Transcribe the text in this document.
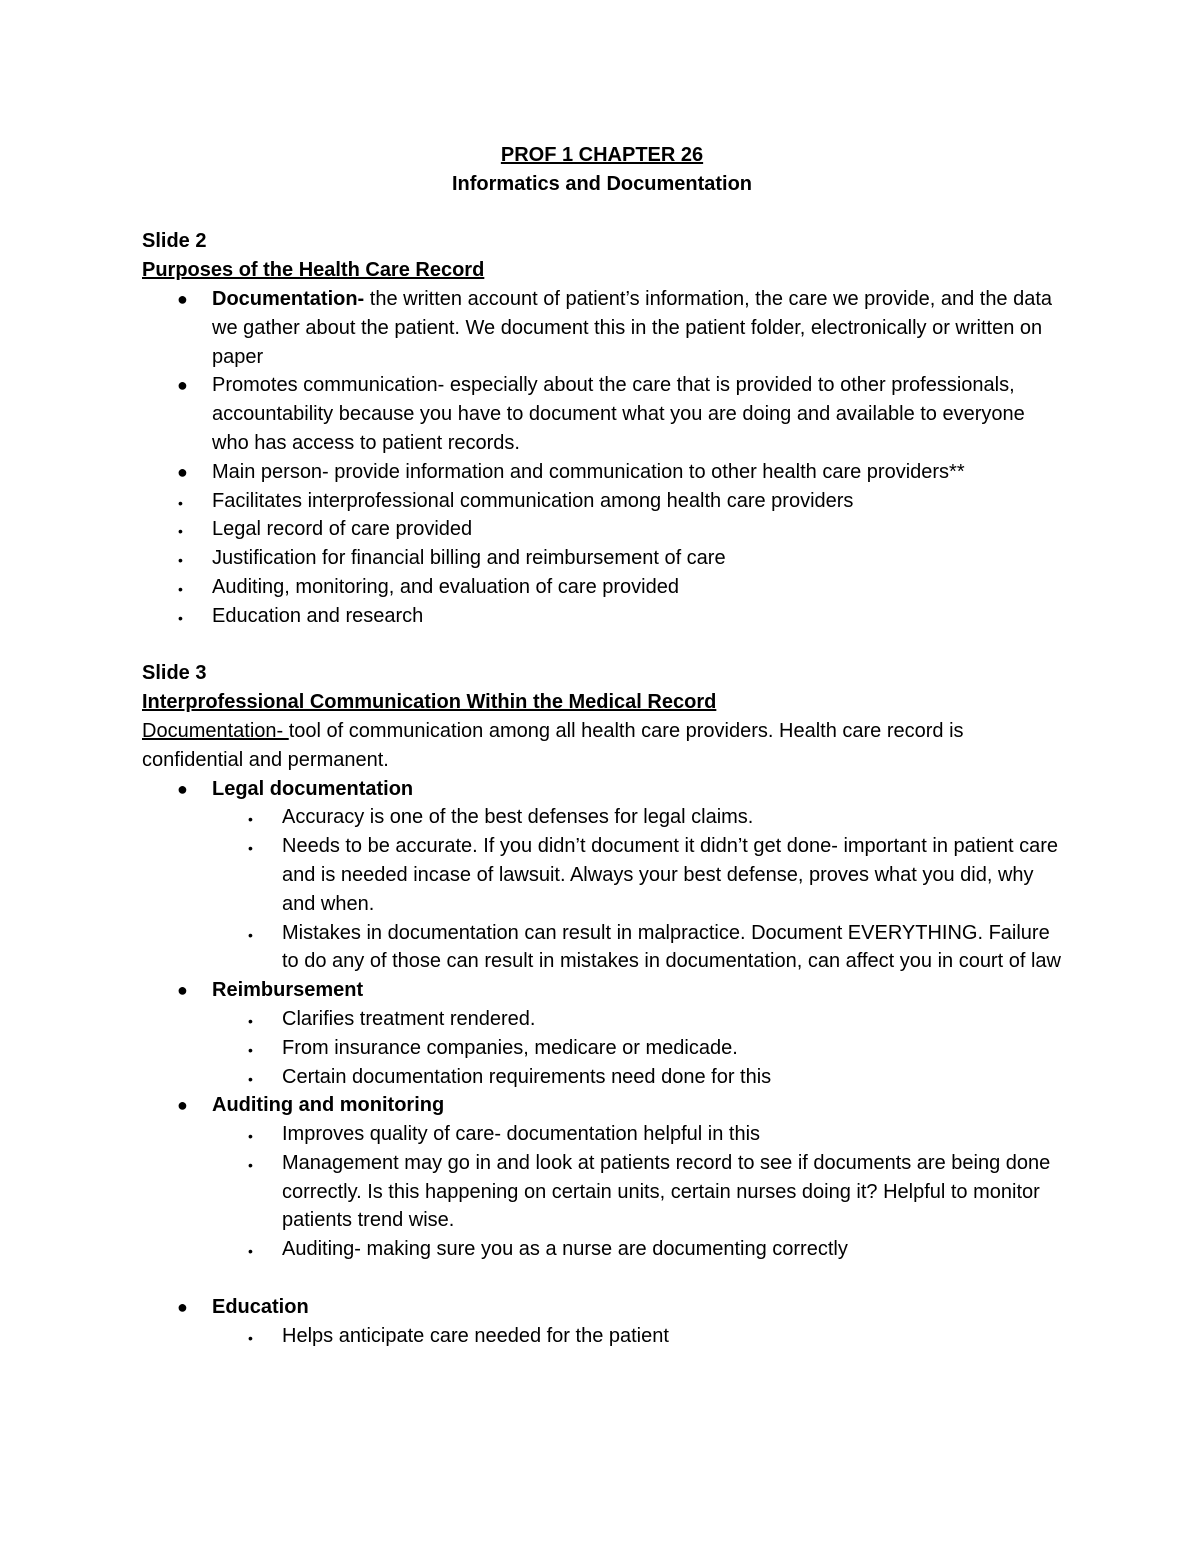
PROF 1 CHAPTER 26
Informatics and Documentation
Slide 2
Purposes of the Health Care Record
●	Documentation- the written account of patient’s information, the care we provide, and the data we gather about the patient. We document this in the patient folder, electronically or written on paper
●	Promotes communication- especially about the care that is provided to other professionals, accountability because you have to document what you are doing and available to everyone who has access to patient records.
●	Main person- provide information and communication to other health care providers**
•	Facilitates interprofessional communication among health care providers
•	Legal record of care provided
•	Justification for financial billing and reimbursement of care
•	Auditing, monitoring, and evaluation of care provided
•	Education and research
Slide 3
Interprofessional Communication Within the Medical Record
Documentation- tool of communication among all health care providers. Health care record is confidential and permanent.
●	Legal documentation
•	Accuracy is one of the best defenses for legal claims.
•	Needs to be accurate. If you didn’t document it didn’t get done- important in patient care and is needed incase of lawsuit. Always your best defense, proves what you did, why and when.
•	Mistakes in documentation can result in malpractice. Document EVERYTHING. Failure to do any of those can result in mistakes in documentation, can affect you in court of law
●	Reimbursement
•	Clarifies treatment rendered.
•	From insurance companies, medicare or medicade.
•	Certain documentation requirements need done for this
●	Auditing and monitoring
•	Improves quality of care- documentation helpful in this
•	Management may go in and look at patients record to see if documents are being done correctly. Is this happening on certain units, certain nurses doing it? Helpful to monitor patients trend wise.
•	Auditing- making sure you as a nurse are documenting correctly
●	Education
•	Helps anticipate care needed for the patient
